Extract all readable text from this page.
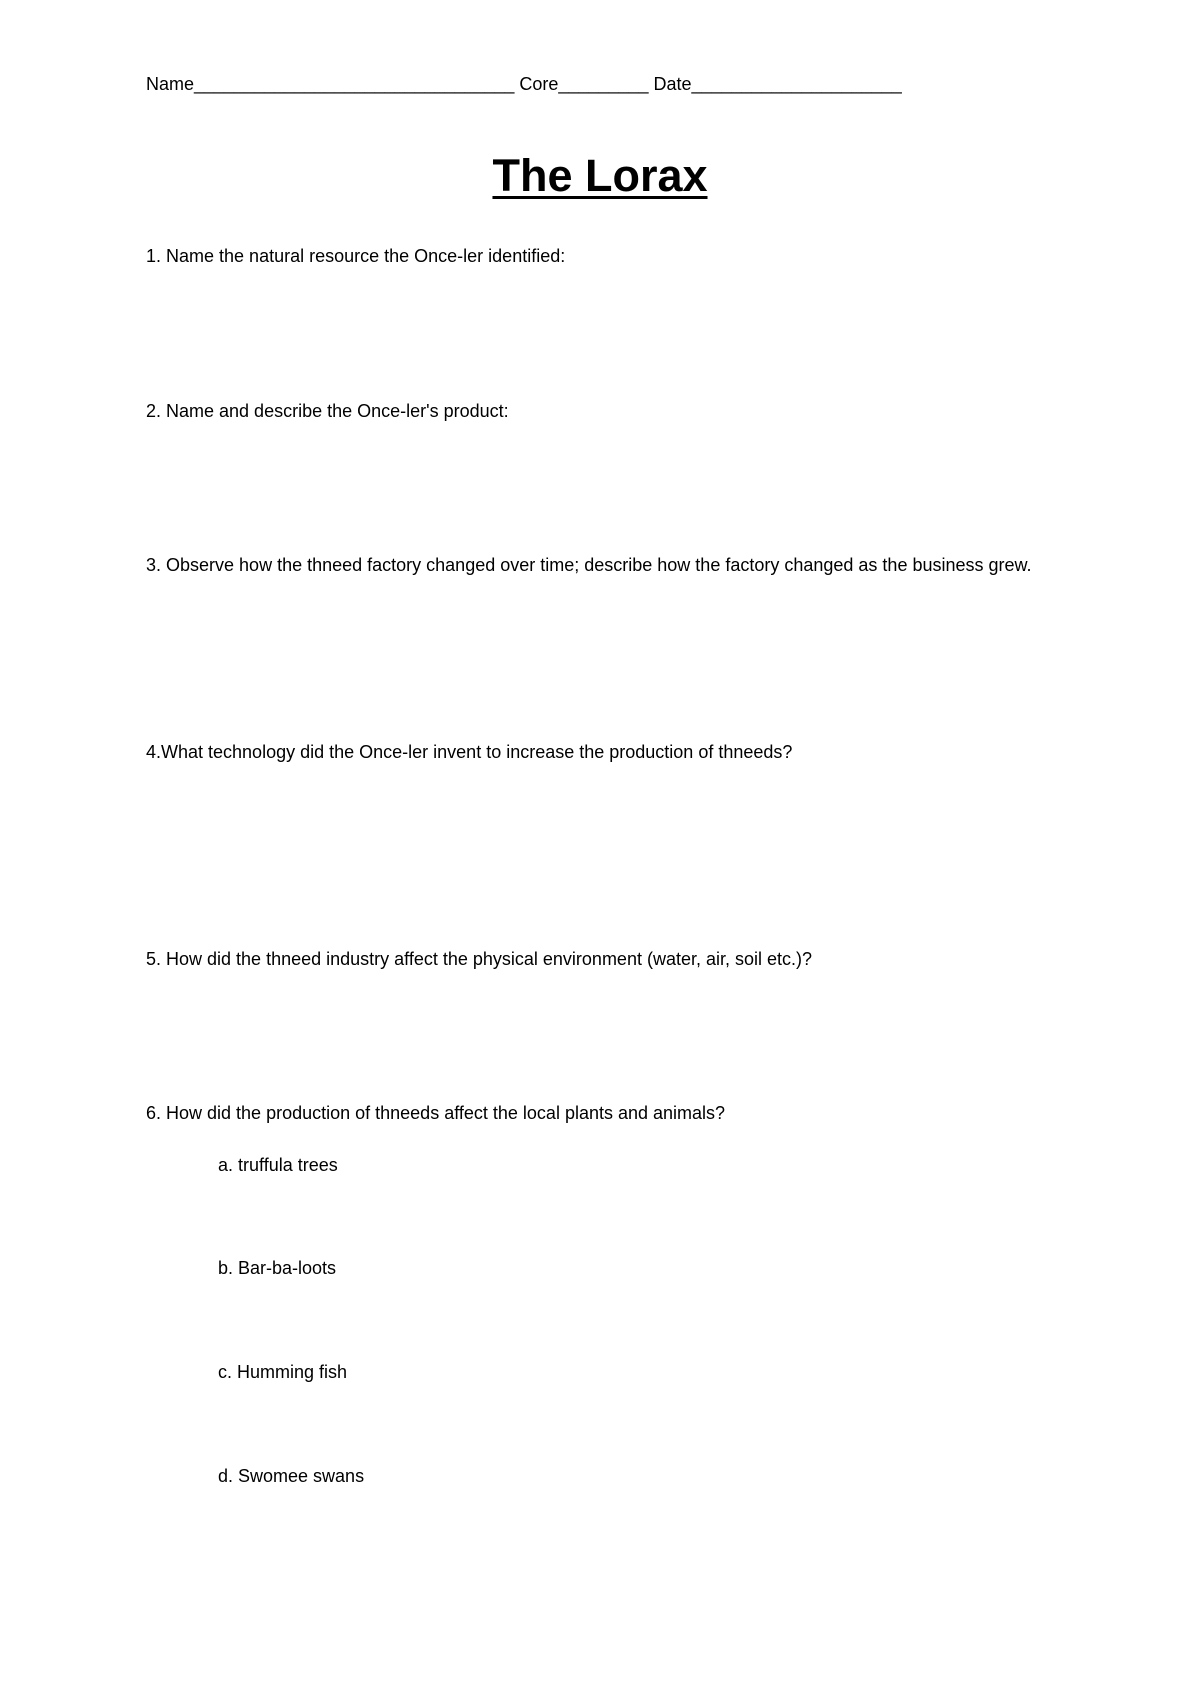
Name________________________________ Core_________ Date_____________________
The Lorax
1. Name the natural resource the Once-ler identified:
2. Name and describe the Once-ler's product:
3. Observe how the thneed factory changed over time; describe how the factory changed as the business grew.
4.What technology did the Once-ler invent to increase the production of thneeds?
5. How did the thneed industry affect the physical environment (water, air, soil etc.)?
6. How did the production of thneeds affect the local plants and animals?
a. truffula trees
b. Bar-ba-loots
c. Humming fish
d. Swomee swans
